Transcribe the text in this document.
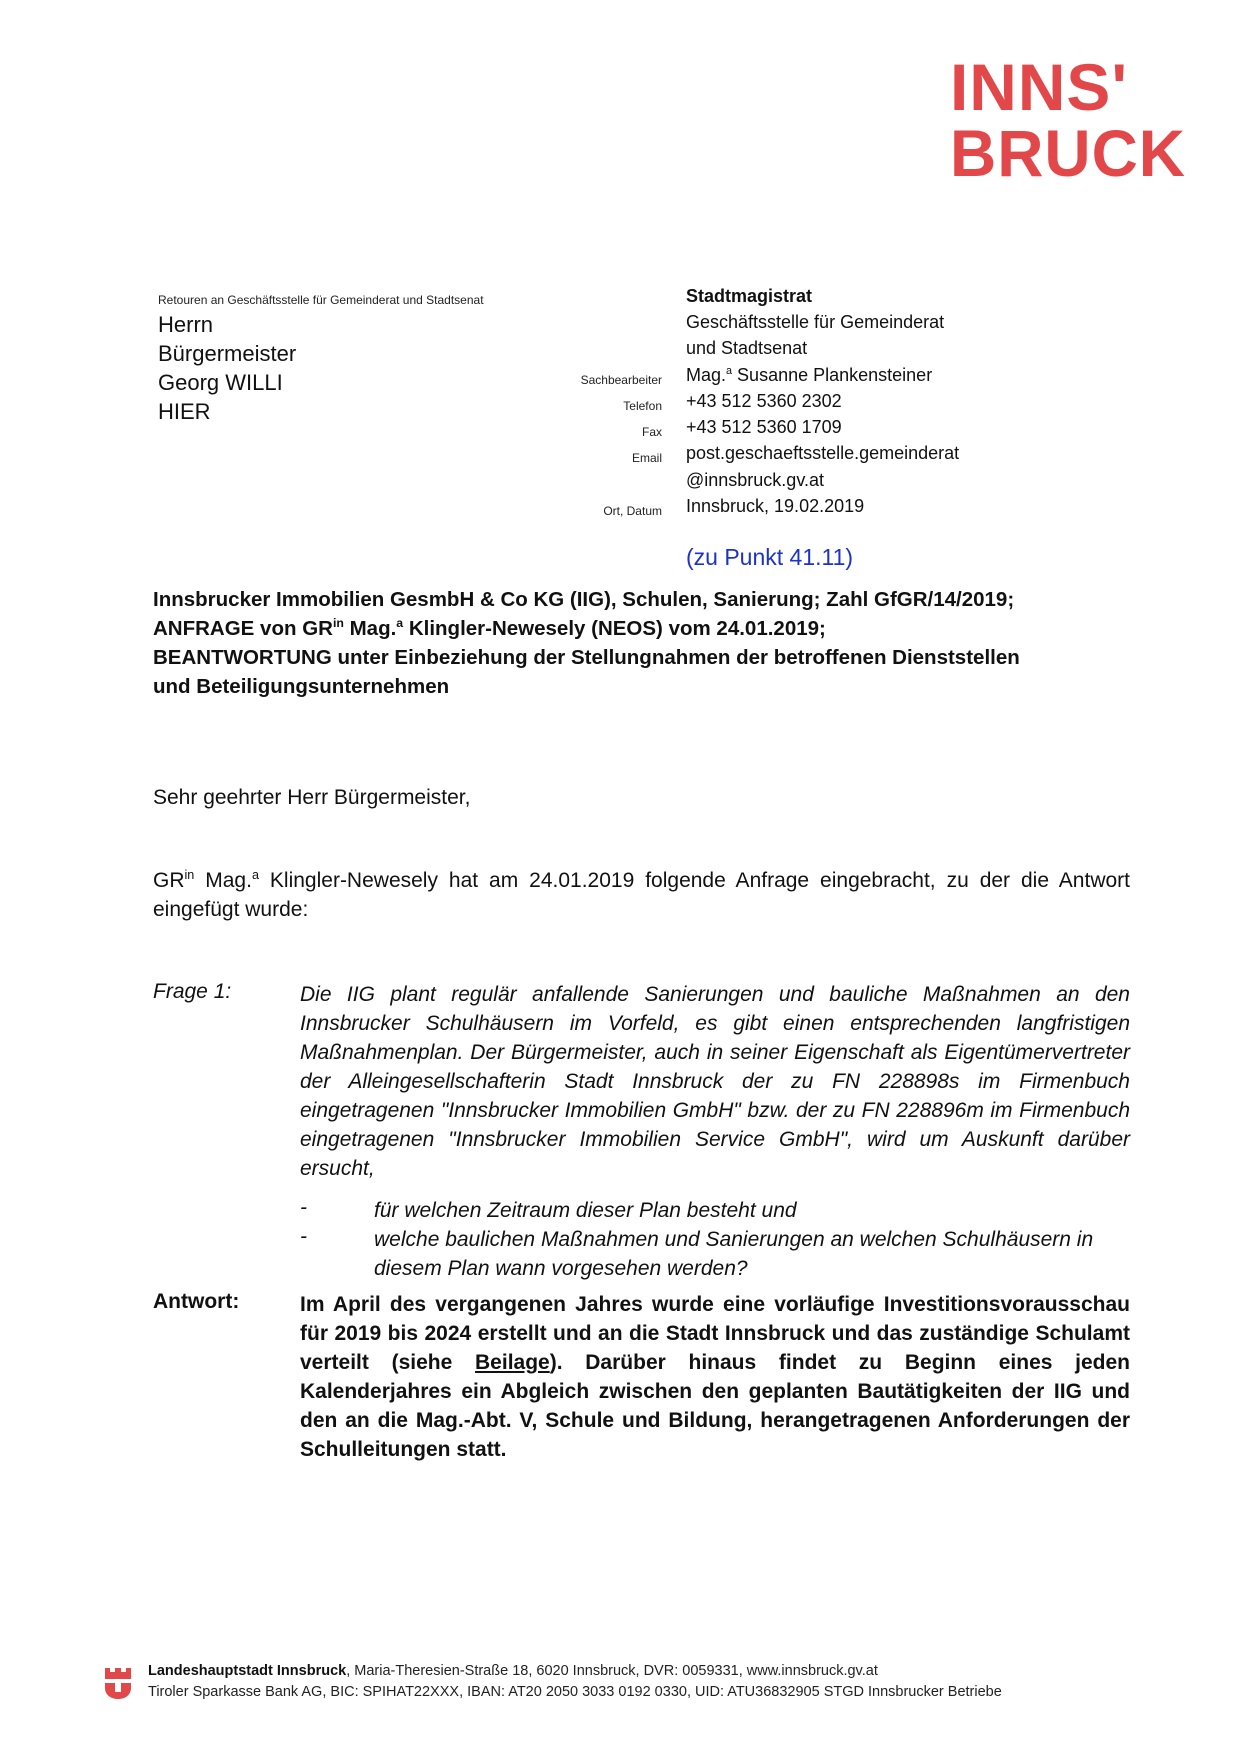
INNS'
BRUCK
Retouren an Geschäftsstelle für Gemeinderat und Stadtsenat
Herrn
Bürgermeister
Georg WILLI
HIER
Stadtmagistrat
Geschäftsstelle für Gemeinderat
und Stadtsenat
Sachbearbeiter Mag.$^a$ Susanne Plankensteiner
Telefon +43 512 5360 2302
Fax +43 512 5360 1709
Email post.geschaeftsstelle.gemeinderat
@innsbruck.gv.at
Ort, Datum Innsbruck, 19.02.2019
(zu Punkt 41.11)
Innsbrucker Immobilien GesmbH & Co KG (IIG), Schulen, Sanierung; Zahl GfGR/14/2019;
ANFRAGE von $GR^{in}$ Mag.$^a$ Klingler-Newesely (NEOS) vom 24.01.2019;
BEANTWORTUNG unter Einbeziehung der Stellungnahmen der betroffenen Dienststellen
und Beteiligungsunternehmen
Sehr geehrter Herr Bürgermeister,
$GR^{in}$ Mag.$^a$ Klingler-Newesely hat am 24.01.2019 folgende Anfrage eingebracht, zu der die Antwort eingefügt wurde:
Frage 1:	Die IIG plant regulär anfallende Sanierungen und bauliche Maßnahmen an den Innsbrucker Schulhäusern im Vorfeld, es gibt einen entsprechenden langfristigen Maßnahmenplan. Der Bürgermeister, auch in seiner Eigenschaft als Eigentümervertreter der Alleingesellschafterin Stadt Innsbruck der zu FN 228898s im Firmenbuch eingetragenen "Innsbrucker Immobilien GmbH" bzw. der zu FN 228896m im Firmenbuch eingetragenen "Innsbrucker Immobilien Service GmbH", wird um Auskunft darüber ersucht,
-	für welchen Zeitraum dieser Plan besteht und
-	welche baulichen Maßnahmen und Sanierungen an welchen Schulhäusern in diesem Plan wann vorgesehen werden?
Antwort:	Im April des vergangenen Jahres wurde eine vorläufige Investitionsvorausschau für 2019 bis 2024 erstellt und an die Stadt Innsbruck und das zuständige Schulamt verteilt (siehe Beilage). Darüber hinaus findet zu Beginn eines jeden Kalenderjahres ein Abgleich zwischen den geplanten Bautätigkeiten der IIG und den an die Mag.-Abt. V, Schule und Bildung, herangetragenen Anforderungen der Schulleitungen statt.
Landeshauptstadt Innsbruck, Maria-Theresien-Straße 18, 6020 Innsbruck, DVR: 0059331, www.innsbruck.gv.at
Tiroler Sparkasse Bank AG, BIC: SPIHAT22XXX, IBAN: AT20 2050 3033 0192 0330, UID: ATU36832905 STGD Innsbrucker Betriebe
